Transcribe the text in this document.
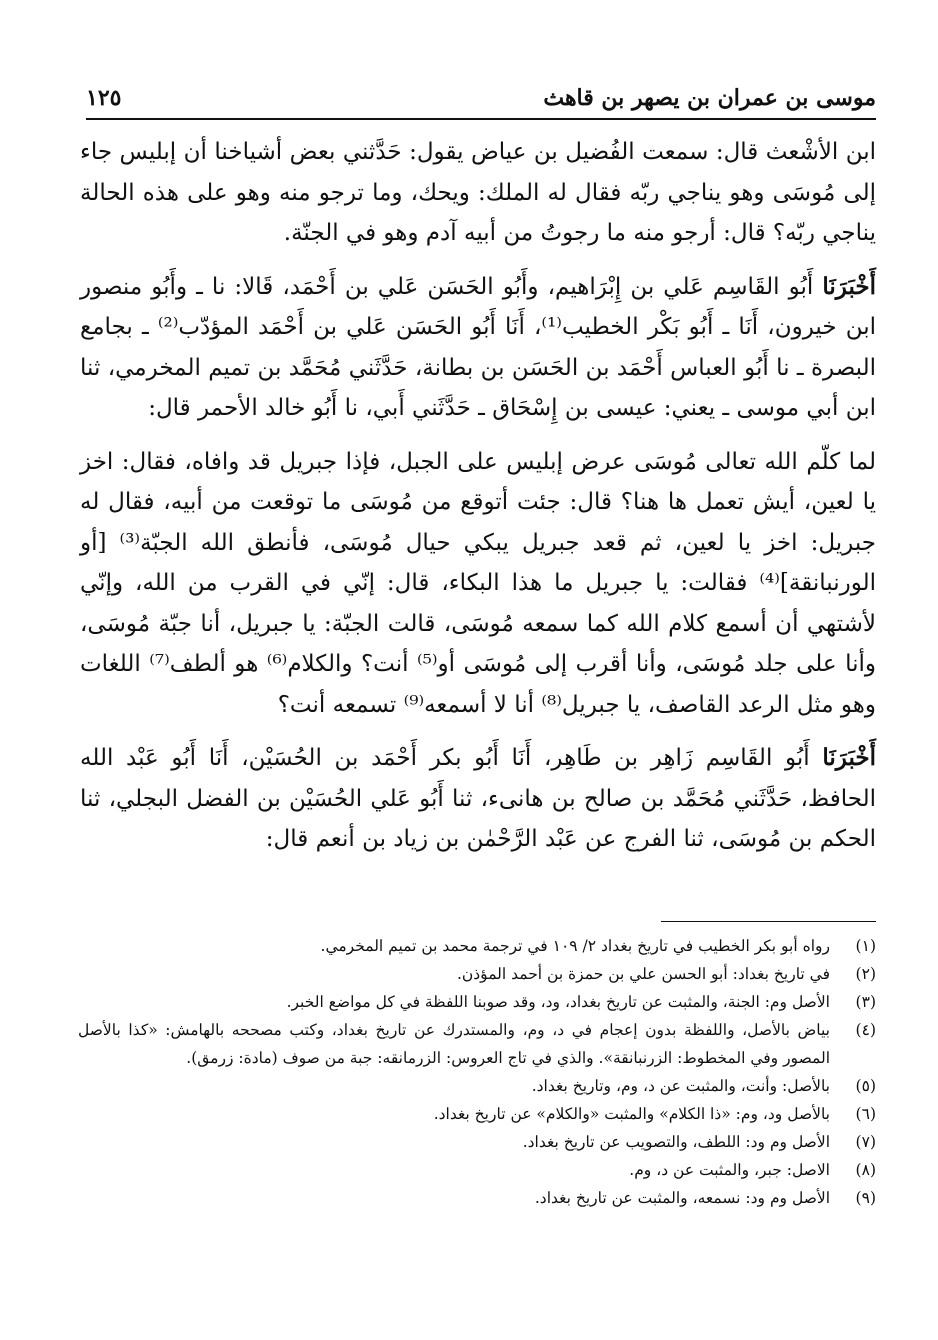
موسى بن عمران بن يصهر بن قاهث
١٢٥

ابن الأشْعث قال: سمعت الفُضيل بن عياض يقول: حَدَّثني بعض أشياخنا أن إبليس جاء إلى مُوسَى وهو يناجي ربّه فقال له الملك: ويحك، وما ترجو منه وهو على هذه الحالة يناجي ربّه؟ قال: أرجو منه ما رجوتُ من أبيه آدم وهو في الجنّة.

أَخْبَرَنَا أَبُو القَاسِم عَلي بن إِبْرَاهيم، وأَبُو الحَسَن عَلي بن أَحْمَد، قَالا: نا ـ وأَبُو منصور ابن خيرون، أَنَا ـ أَبُو بَكْر الخطيب⁽¹⁾، أَنَا أَبُو الحَسَن عَلي بن أَحْمَد المؤدّب⁽²⁾ ـ بجامع البصرة ـ نا أَبُو العباس أَحْمَد بن الحَسَن بن بطانة، حَدَّثَني مُحَمَّد بن تميم المخرمي، ثنا ابن أبي موسى ـ يعني: عيسى بن إِسْحَاق ـ حَدَّثَني أَبي، نا أَبُو خالد الأحمر قال:

لما كلّم الله تعالى مُوسَى عرض إبليس على الجبل، فإذا جبريل قد وافاه، فقال: اخز يا لعين، أيش تعمل ها هنا؟ قال: جئت أتوقع من مُوسَى ما توقعت من أبيه، فقال له جبريل: اخز يا لعين، ثم قعد جبريل يبكي حيال مُوسَى، فأنطق الله الجبّة⁽³⁾ [أو الورنبانقة]⁽⁴⁾ فقالت: يا جبريل ما هذا البكاء، قال: إنّي في القرب من الله، وإنّي لأشتهي أن أسمع كلام الله كما سمعه مُوسَى، قالت الجبّة: يا جبريل، أنا جبّة مُوسَى، وأنا على جلد مُوسَى، وأنا أقرب إلى مُوسَى أو⁽⁵⁾ أنت؟ والكلام⁽⁶⁾ هو ألطف⁽⁷⁾ اللغات وهو مثل الرعد القاصف، يا جبريل⁽⁸⁾ أنا لا أسمعه⁽⁹⁾ تسمعه أنت؟

أَخْبَرَنَا أَبُو القَاسِم زَاهِر بن طَاهِر، أَنَا أَبُو بكر أَحْمَد بن الحُسَيْن، أَنَا أَبُو عَبْد الله الحافظ، حَدَّثَني مُحَمَّد بن صالح بن هانىء، ثنا أَبُو عَلي الحُسَيْن بن الفضل البجلي، ثنا الحكم بن مُوسَى، ثنا الفرج عن عَبْد الرَّحْمٰن بن زياد بن أنعم قال:

(١)
رواه أبو بكر الخطيب في تاريخ بغداد ٢/ ١٠٩ في ترجمة محمد بن تميم المخرمي.
(٢)
في تاريخ بغداد: أبو الحسن علي بن حمزة بن أحمد المؤذن.
(٣)
الأصل وم: الجنة، والمثبت عن تاريخ بغداد، ود، وقد صوبنا اللفظة في كل مواضع الخبر.
(٤)
بياض بالأصل، واللفظة بدون إعجام في د، وم، والمستدرك عن تاريخ بغداد، وكتب مصححه بالهامش: «كذا بالأصل المصور وفي المخطوط: الزرنبانقة». والذي في تاج العروس: الزرمانقه: جبة من صوف (مادة: زرمق).
(٥)
بالأصل: وأنت، والمثبت عن د، وم، وتاريخ بغداد.
(٦)
بالأصل ود، وم: «ذا الكلام» والمثبت «والكلام» عن تاريخ بغداد.
(٧)
الأصل وم ود: اللطف، والتصويب عن تاريخ بغداد.
(٨)
الاصل: جبر، والمثبت عن د، وم.
(٩)
الأصل وم ود: نسمعه، والمثبت عن تاريخ بغداد.
